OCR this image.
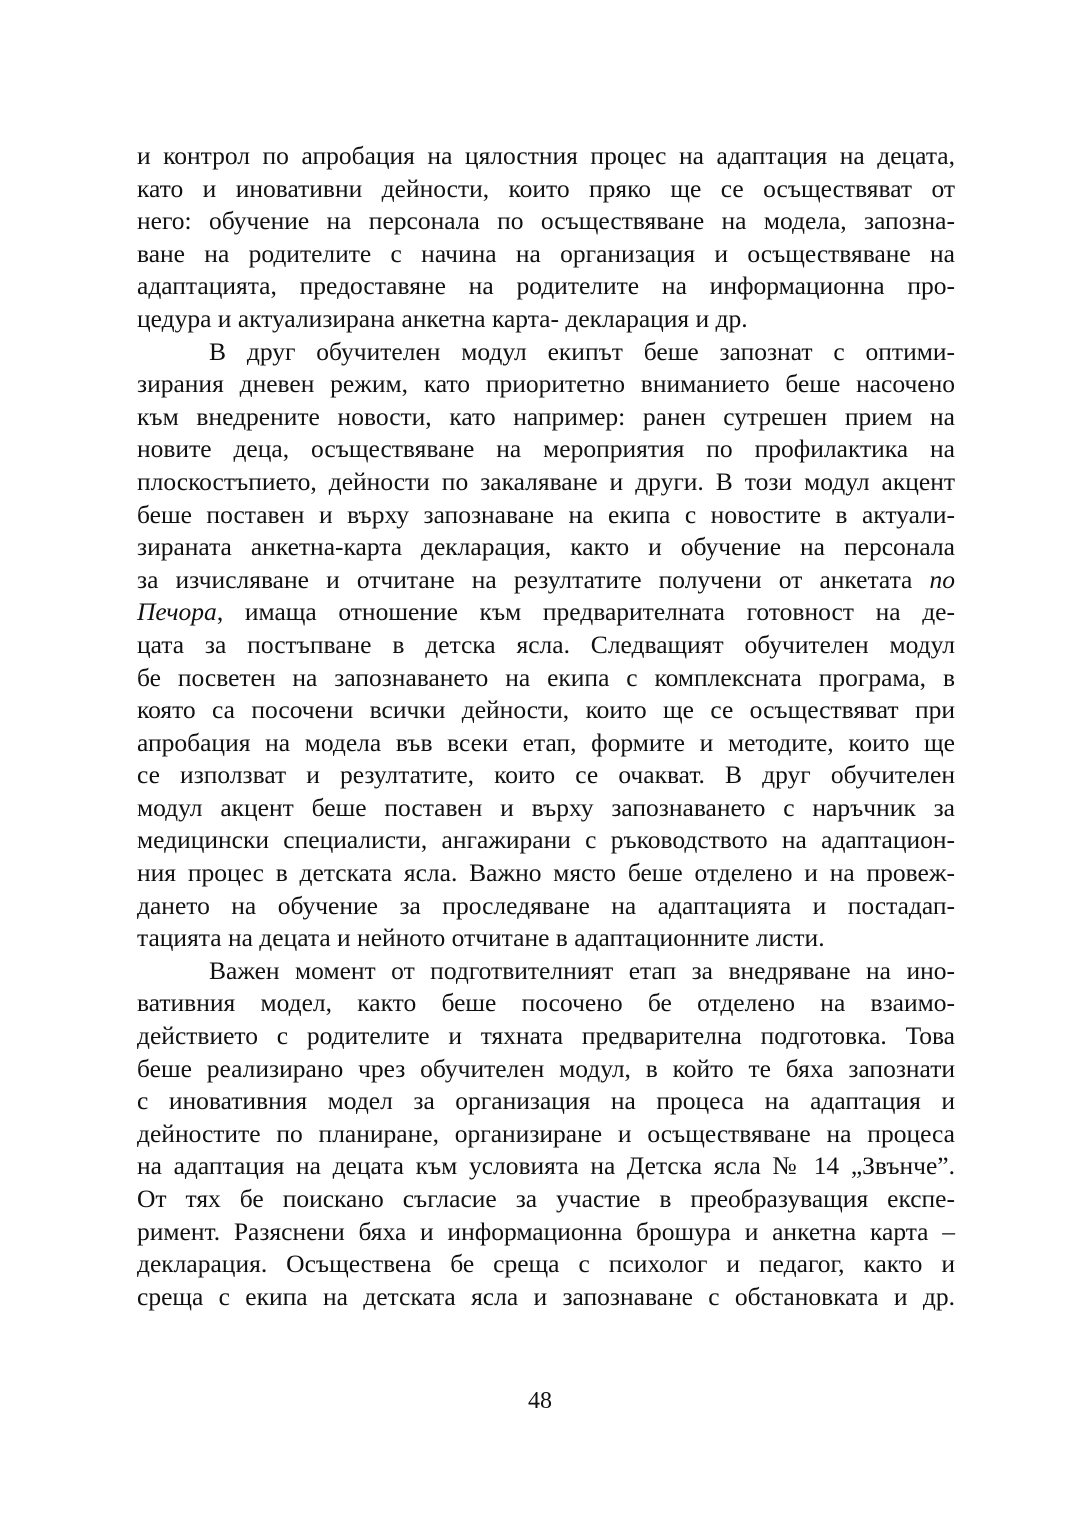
и контрол по апробация на цялостния процес на адаптация на децата,
като и иновативни дейности, които пряко ще се осъществяват от
него: обучение на персонала по осъществяване на модела, запозна-
ване на родителите с начина на организация и осъществяване на
адаптацията, предоставяне на родителите на информационна про-
цедура и актуализирана анкетна карта- декларация и др.
В друг обучителен модул екипът беше запознат с оптими-
зирания дневен режим, като приоритетно вниманието беше насочено
към внедрените новости, като например: ранен сутрешен прием на
новите деца, осъществяване на мероприятия по профилактика на
плоскостъпието, дейности по закаляване и други. В този модул акцент
беше поставен и върху запознаване на екипа с новостите в актуали-
зираната анкетна-карта декларация, както и обучение на персонала
за изчисляване и отчитане на резултатите получени от анкетата по
Печора, имаща отношение към предварителната готовност на де-
цата за постъпване в детска ясла. Следващият обучителен модул
бе посветен на запознаването на екипа с комплексната програма, в
която са посочени всички дейности, които ще се осъществяват при
апробация на модела във всеки етап, формите и методите, които ще
се използват и резултатите, които се очакват. В друг обучителен
модул акцент беше поставен и върху запознаването с наръчник за
медицински специалисти, ангажирани с ръководството на адаптацион-
ния процес в детската ясла. Важно място беше отделено и на провеж-
дането на обучение за проследяване на адаптацията и постадап-
тацията на децата и нейното отчитане в адаптационните листи.
Важен момент от подготвителният етап за внедряване на ино-
вативния модел, както беше посочено бе отделено на взаимо-
действието с родителите и тяхната предварителна подготовка. Това
беше реализирано чрез обучителен модул, в който те бяха запознати
с иновативния модел за организация на процеса на адаптация и
дейностите по планиране, организиране и осъществяване на процеса
на адаптация на децата към условията на Детска ясла № 14 „Звънче”.
От тях бе поискано съгласие за участие в преобразуващия експе-
римент. Разяснени бяха и информационна брошура и анкетна карта –
декларация. Осъществена бе среща с психолог и педагог, както и
среща с екипа на детската ясла и запознаване с обстановката и др.
48
